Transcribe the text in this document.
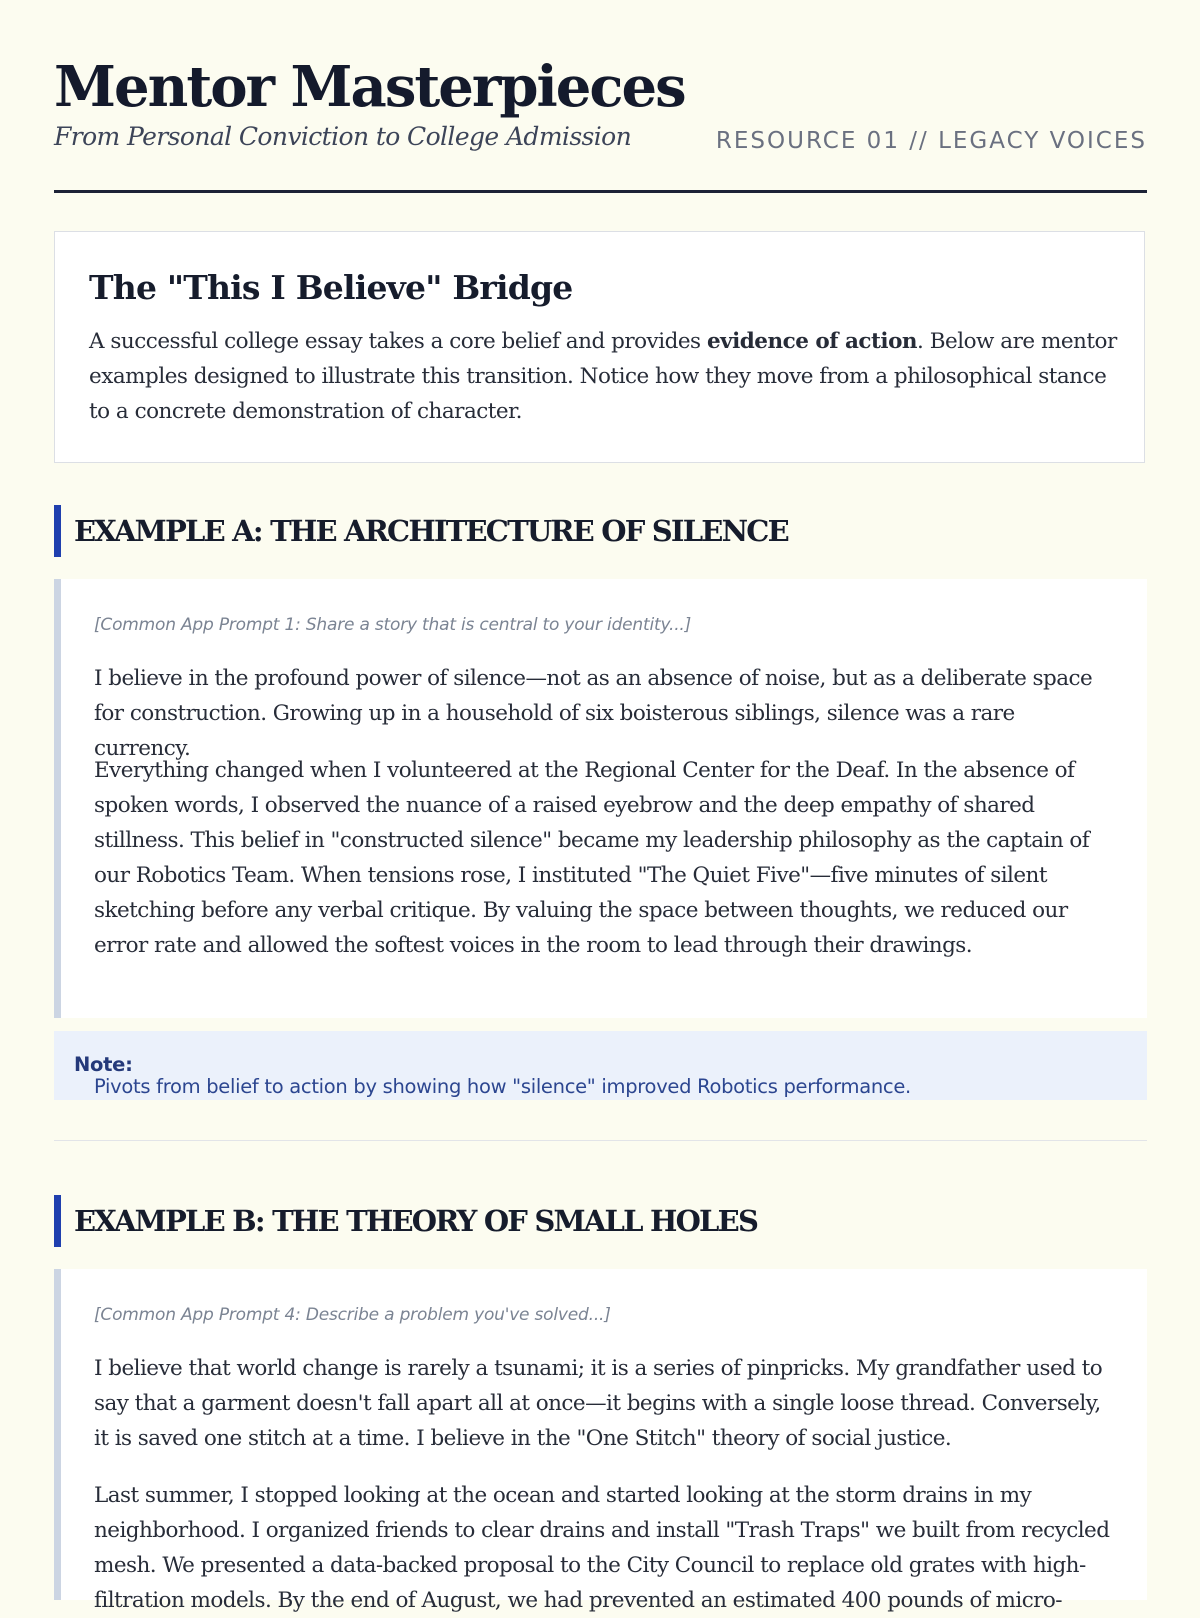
Mentor Masterpieces

From Personal Conviction to College Admission	RESOURCE 01 // LEGACY VOICES
The "This I Believe" Bridge

A successful college essay takes a core belief and provides evidence of action. Below are mentor examples designed to illustrate this transition. Notice how they move from a philosophical stance to a concrete demonstration of character.

EXAMPLE A: THE ARCHITECTURE OF SILENCE

[Common App Prompt 1: Share a story that is central to your identity...]

I believe in the profound power of silence—not as an absence of noise, but as a deliberate space for construction. Growing up in a household of six boisterous siblings, silence was a rare currency.

Everything changed when I volunteered at the Regional Center for the Deaf. In the absence of spoken words, I observed the nuance of a raised eyebrow and the deep empathy of shared stillness. This belief in "constructed silence" became my leadership philosophy as the captain of our Robotics Team. When tensions rose, I instituted "The Quiet Five"—five minutes of silent sketching before any verbal critique. By valuing the space between thoughts, we reduced our error rate and allowed the softest voices in the room to lead through their drawings.

Note:
Pivots from belief to action by showing how "silence" improved Robotics performance.
EXAMPLE B: THE THEORY OF SMALL HOLES

[Common App Prompt 4: Describe a problem you've solved...]

I believe that world change is rarely a tsunami; it is a series of pinpricks. My grandfather used to say that a garment doesn't fall apart all at once—it begins with a single loose thread. Conversely, it is saved one stitch at a time. I believe in the "One Stitch" theory of social justice.

Last summer, I stopped looking at the ocean and started looking at the storm drains in my neighborhood. I organized friends to clear drains and install "Trash Traps" we built from recycled mesh. We presented a data-backed proposal to the City Council to replace old grates with high-filtration models. By the end of August, we had prevented an estimated 400 pounds of micro-
